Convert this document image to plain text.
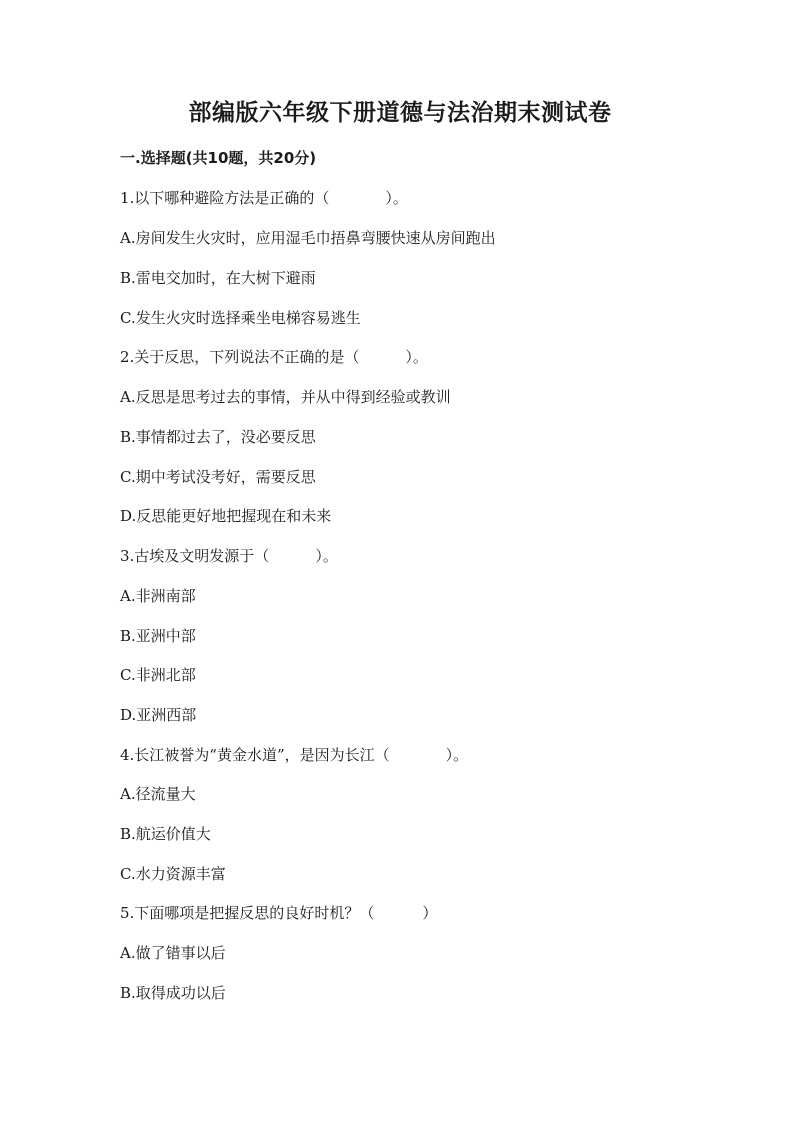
部编版六年级下册道德与法治期末测试卷
一.选择题(共10题，共20分)
1.以下哪种避险方法是正确的（	）。
A.房间发生火灾时，应用湿毛巾捂鼻弯腰快速从房间跑出
B.雷电交加时，在大树下避雨
C.发生火灾时选择乘坐电梯容易逃生
2.关于反思，下列说法不正确的是（	）。
A.反思是思考过去的事情，并从中得到经验或教训
B.事情都过去了，没必要反思
C.期中考试没考好，需要反思
D.反思能更好地把握现在和未来
3.古埃及文明发源于（	）。
A.非洲南部
B.亚洲中部
C.非洲北部
D.亚洲西部
4.长江被誉为“黄金水道”，是因为长江（	）。
A.径流量大
B.航运价值大
C.水力资源丰富
5.下面哪项是把握反思的良好时机？（	）
A.做了错事以后
B.取得成功以后
